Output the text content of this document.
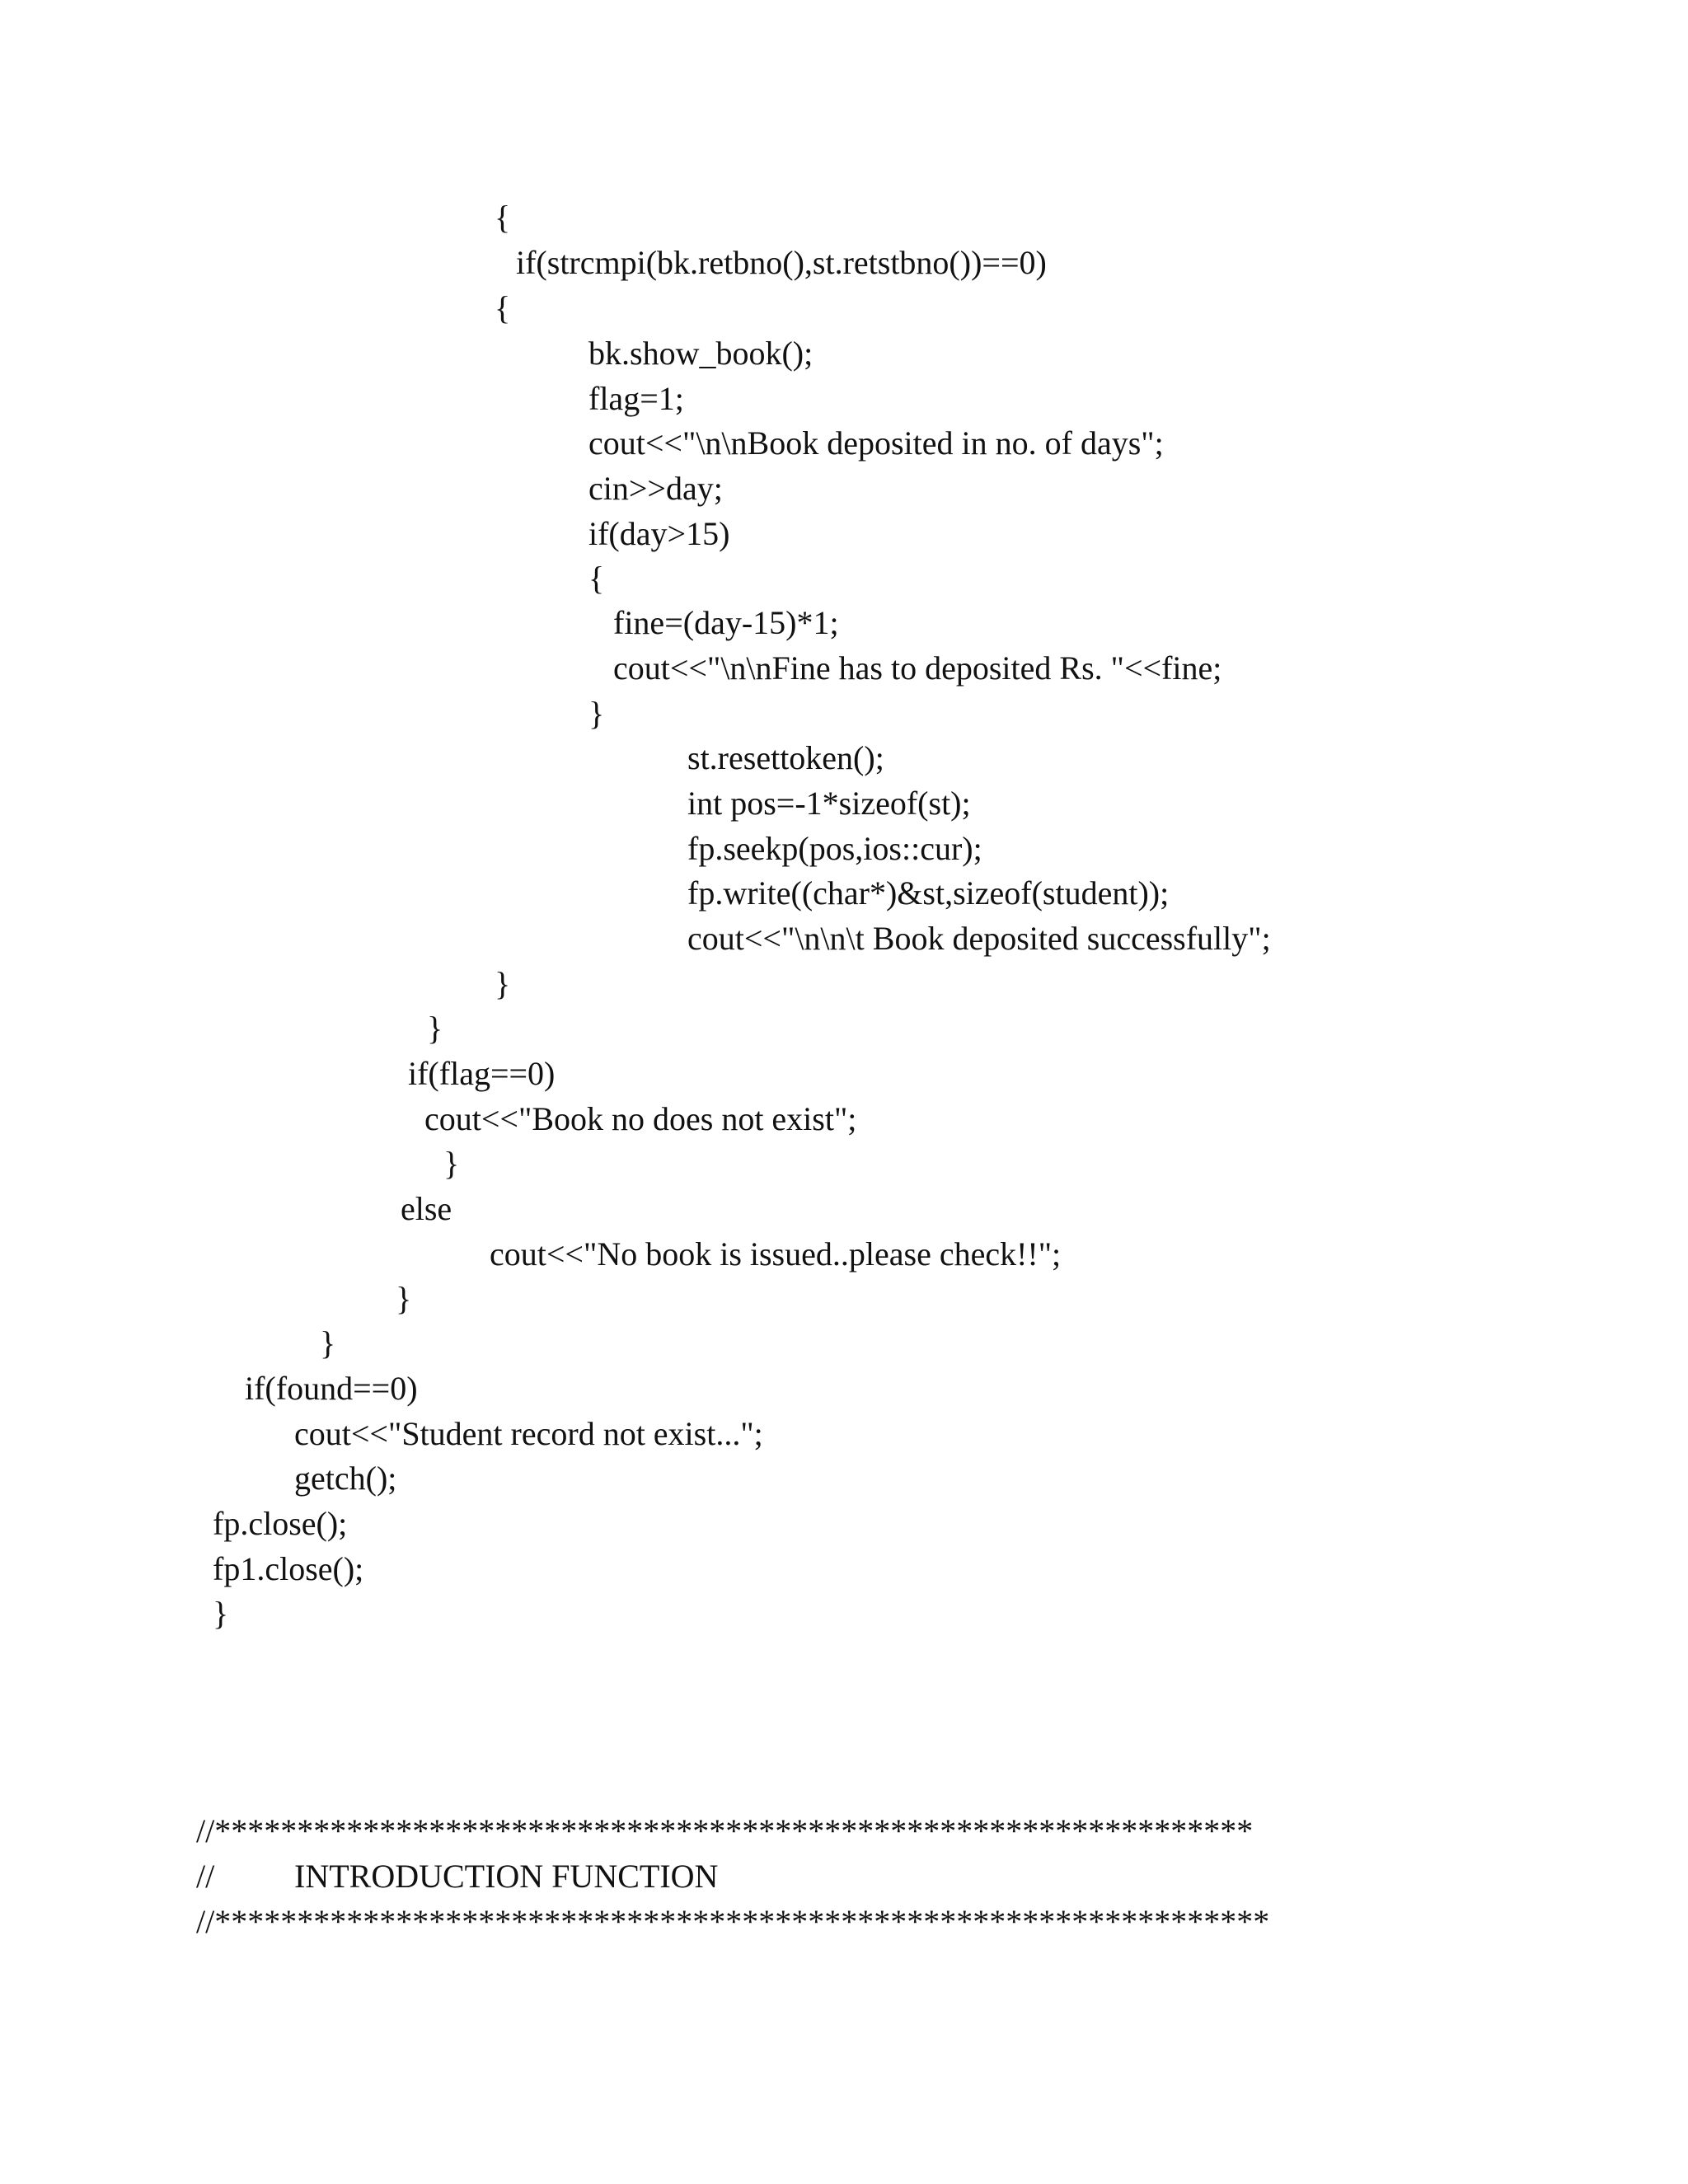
{
if(strcmpi(bk.retbno(),st.retstbno())==0)
{
bk.show_book();
flag=1;
cout<<"\n\nBook deposited in no. of days";
cin>>day;
if(day>15)
{
fine=(day-15)*1;
cout<<"\n\nFine has to deposited Rs. "<<fine;
}
st.resettoken();
int pos=-1*sizeof(st);
fp.seekp(pos,ios::cur);
fp.write((char*)&st,sizeof(student));
cout<<"\n\n\t Book deposited successfully";
}
}
if(flag==0)
cout<<"Book no does not exist";
}
else
cout<<"No book is issued..please check!!";
}
}
if(found==0)
cout<<"Student record not exist...";
getch();
fp.close();
fp1.close();
}
//***************************************************************
// INTRODUCTION FUNCTION
//****************************************************************
